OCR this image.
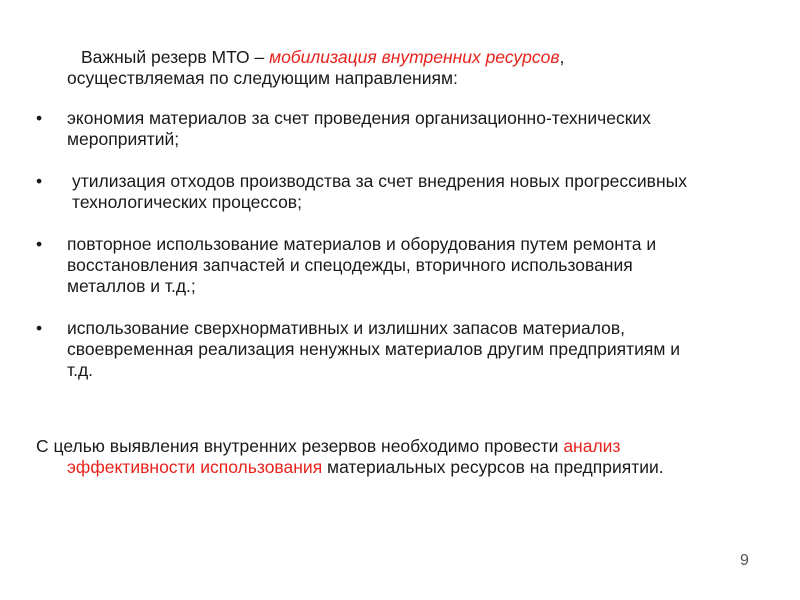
Важный резерв МТО – мобилизация внутренних ресурсов,
осуществляемая по следующим направлениям:
•	экономия материалов за счет проведения организационно-технических
мероприятий;
•	утилизация отходов производства за счет внедрения новых прогрессивных
технологических процессов;
•	повторное использование материалов и оборудования путем ремонта и
восстановления запчастей и спецодежды, вторичного использования
металлов и т.д.;
•	использование сверхнормативных и излишних запасов материалов,
своевременная реализация ненужных материалов другим предприятиям и
т.д.
С целью выявления внутренних резервов необходимо провести анализ
эффективности использования материальных ресурсов на предприятии.
9
